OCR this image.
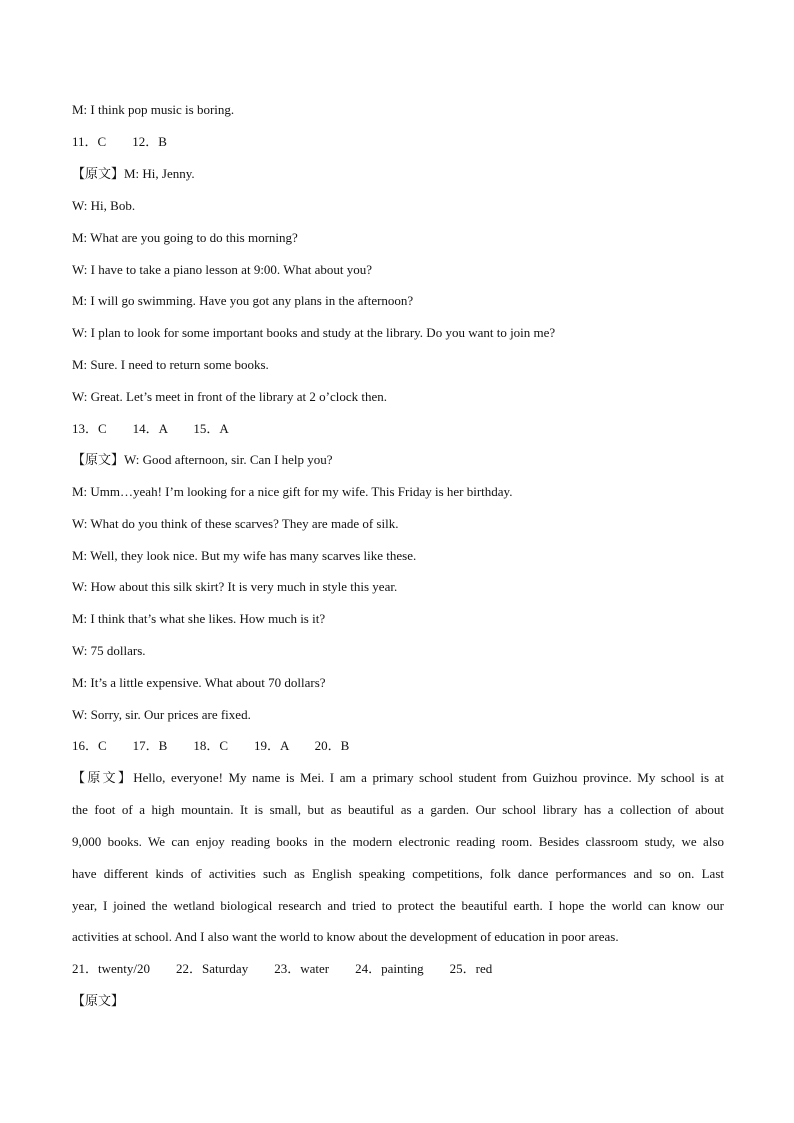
M: I think pop music is boring.
11．C　　12．B
【原文】M: Hi, Jenny.
W: Hi, Bob.
M: What are you going to do this morning?
W: I have to take a piano lesson at 9:00. What about you?
M: I will go swimming. Have you got any plans in the afternoon?
W: I plan to look for some important books and study at the library. Do you want to join me?
M: Sure. I need to return some books.
W: Great. Let’s meet in front of the library at 2 o’clock then.
13．C　　14．A　　15．A
【原文】W: Good afternoon, sir. Can I help you?
M: Umm…yeah! I’m looking for a nice gift for my wife. This Friday is her birthday.
W: What do you think of these scarves? They are made of silk.
M: Well, they look nice. But my wife has many scarves like these.
W: How about this silk skirt? It is very much in style this year.
M: I think that’s what she likes. How much is it?
W: 75 dollars.
M: It’s a little expensive. What about 70 dollars?
W: Sorry, sir. Our prices are fixed.
16．C　　17．B　　18．C　　19．A　　20．B
【原文】Hello, everyone! My name is Mei. I am a primary school student from Guizhou province. My school is at
the foot of a high mountain. It is small, but as beautiful as a garden. Our school library has a collection of about
9,000 books. We can enjoy reading books in the modern electronic reading room. Besides classroom study, we also
have different kinds of activities such as English speaking competitions, folk dance performances and so on. Last
year, I joined the wetland biological research and tried to protect the beautiful earth. I hope the world can know our
activities at school. And I also want the world to know about the development of education in poor areas.
21．twenty/20　　22．Saturday　　23．water　　24．painting　　25．red
【原文】
